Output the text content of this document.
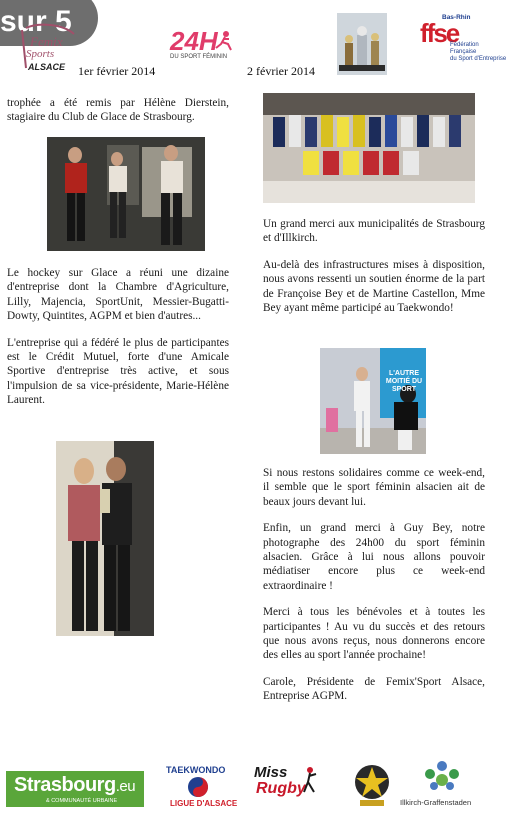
sur 5
Femix
Sports
ALSACE
24H
DU SPORT FÉMININ
1er février 2014	2 février 2014
Bas-Rhin
ffse
Fédération
Française
du Sport d'Entreprise
trophée a été remis par Hélène Dierstein, stagiaire du Club de Glace de Strasbourg.

Le hockey sur Glace a réuni une dizaine d'entreprise dont la Chambre d'Agriculture, Lilly, Majencia, SportUnit, Messier-Bugatti-Dowty, Quintites, AGPM et bien d'autres...

L'entreprise qui a fédéré le plus de participantes est le Crédit Mutuel, forte d'une Amicale Sportive d'entreprise très active, et sous l'impulsion de sa vice-présidente, Marie-Hélène Laurent.

Un grand merci aux municipalités de Strasbourg et d'Illkirch.

Au-delà des infrastructures mises à disposition, nous avons ressenti un soutien énorme de la part de Françoise Bey et de Martine Castellon, Mme Bey ayant même participé au Taekwondo!

L'AUTRE MOITIÉ DU SPORT

Si nous restons solidaires comme ce week-end, il semble que le sport féminin alsacien ait de beaux jours devant lui.

Enfin, un grand merci à Guy Bey, notre photographe des 24h00 du sport féminin alsacien. Grâce à lui nous allons pouvoir médiatiser encore plus ce week-end extraordinaire !

Merci à tous les bénévoles et à toutes les participantes ! Au vu du succès et des retours que nous avons reçus, nous donnerons encore des elles au sport l'année prochaine!

Carole, Présidente de Femix'Sport Alsace, Entreprise AGPM.

Strasbourg.eu
& COMMUNAUTÉ URBAINE
TAEKWONDO
LIGUE D'ALSACE
Miss
Rugby
Illkirch-Graffenstaden
